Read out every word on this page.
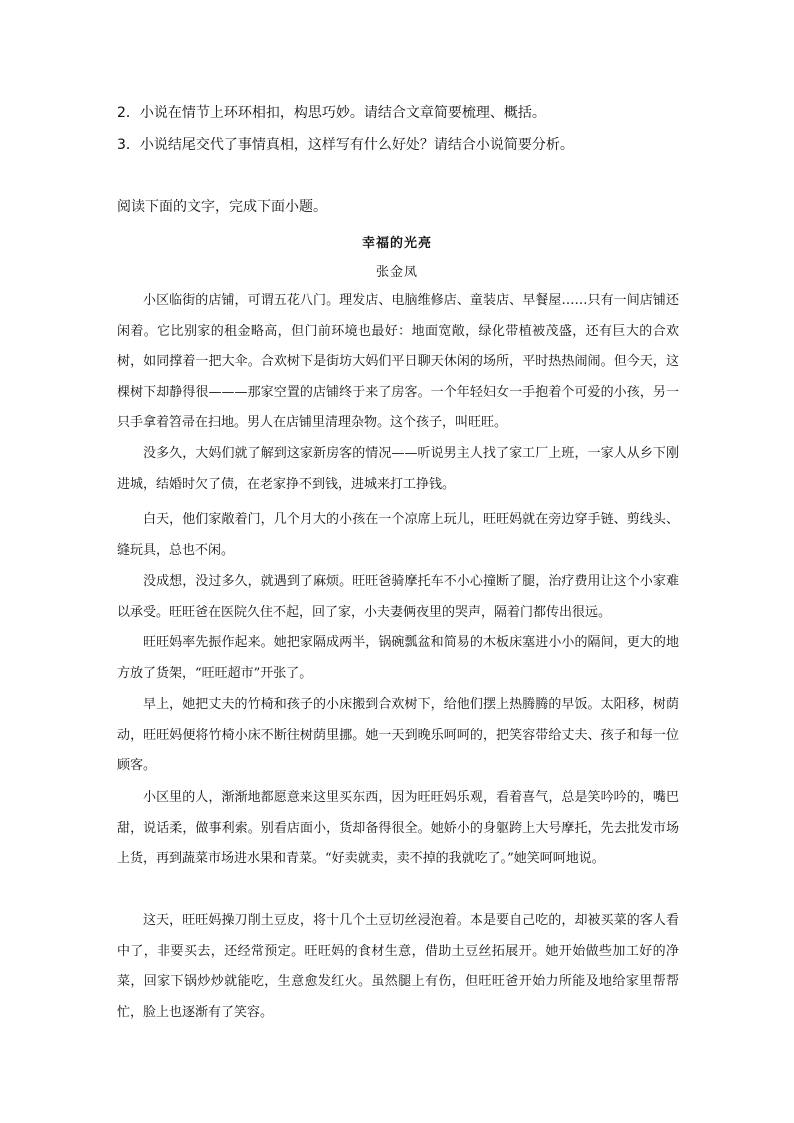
2．小说在情节上环环相扣，构思巧妙。请结合文章简要梳理、概括。
3．小说结尾交代了事情真相，这样写有什么好处？请结合小说简要分析。
阅读下面的文字，完成下面小题。
幸福的光亮
张金凤

小区临街的店铺，可谓五花八门。理发店、电脑维修店、童装店、早餐屋……只有一间店铺还闲着。它比别家的租金略高，但门前环境也最好：地面宽敞，绿化带植被茂盛，还有巨大的合欢树，如同撑着一把大伞。合欢树下是街坊大妈们平日聊天休闲的场所，平时热热闹闹。但今天，这棵树下却静得很———那家空置的店铺终于来了房客。一个年轻妇女一手抱着个可爱的小孩，另一只手拿着笤帚在扫地。男人在店铺里清理杂物。这个孩子，叫旺旺。

没多久，大妈们就了解到这家新房客的情况——听说男主人找了家工厂上班，一家人从乡下刚进城，结婚时欠了债，在老家挣不到钱，进城来打工挣钱。

白天，他们家敞着门，几个月大的小孩在一个凉席上玩儿，旺旺妈就在旁边穿手链、剪线头、缝玩具，总也不闲。

没成想，没过多久，就遇到了麻烦。旺旺爸骑摩托车不小心撞断了腿，治疗费用让这个小家难以承受。旺旺爸在医院久住不起，回了家，小夫妻俩夜里的哭声，隔着门都传出很远。

旺旺妈率先振作起来。她把家隔成两半，锅碗瓢盆和简易的木板床塞进小小的隔间，更大的地方放了货架，“旺旺超市”开张了。

早上，她把丈夫的竹椅和孩子的小床搬到合欢树下，给他们摆上热腾腾的早饭。太阳移，树荫动，旺旺妈便将竹椅小床不断往树荫里挪。她一天到晚乐呵呵的，把笑容带给丈夫、孩子和每一位顾客。

小区里的人，渐渐地都愿意来这里买东西，因为旺旺妈乐观，看着喜气，总是笑吟吟的，嘴巴甜，说话柔，做事利索。别看店面小，货却备得很全。她娇小的身躯跨上大号摩托，先去批发市场上货，再到蔬菜市场进水果和青菜。“好卖就卖，卖不掉的我就吃了。”她笑呵呵地说。

这天，旺旺妈操刀削土豆皮，将十几个土豆切丝浸泡着。本是要自己吃的，却被买菜的客人看中了，非要买去，还经常预定。旺旺妈的食材生意，借助土豆丝拓展开。她开始做些加工好的净菜，回家下锅炒炒就能吃，生意愈发红火。虽然腿上有伤，但旺旺爸开始力所能及地给家里帮帮忙，脸上也逐渐有了笑容。
